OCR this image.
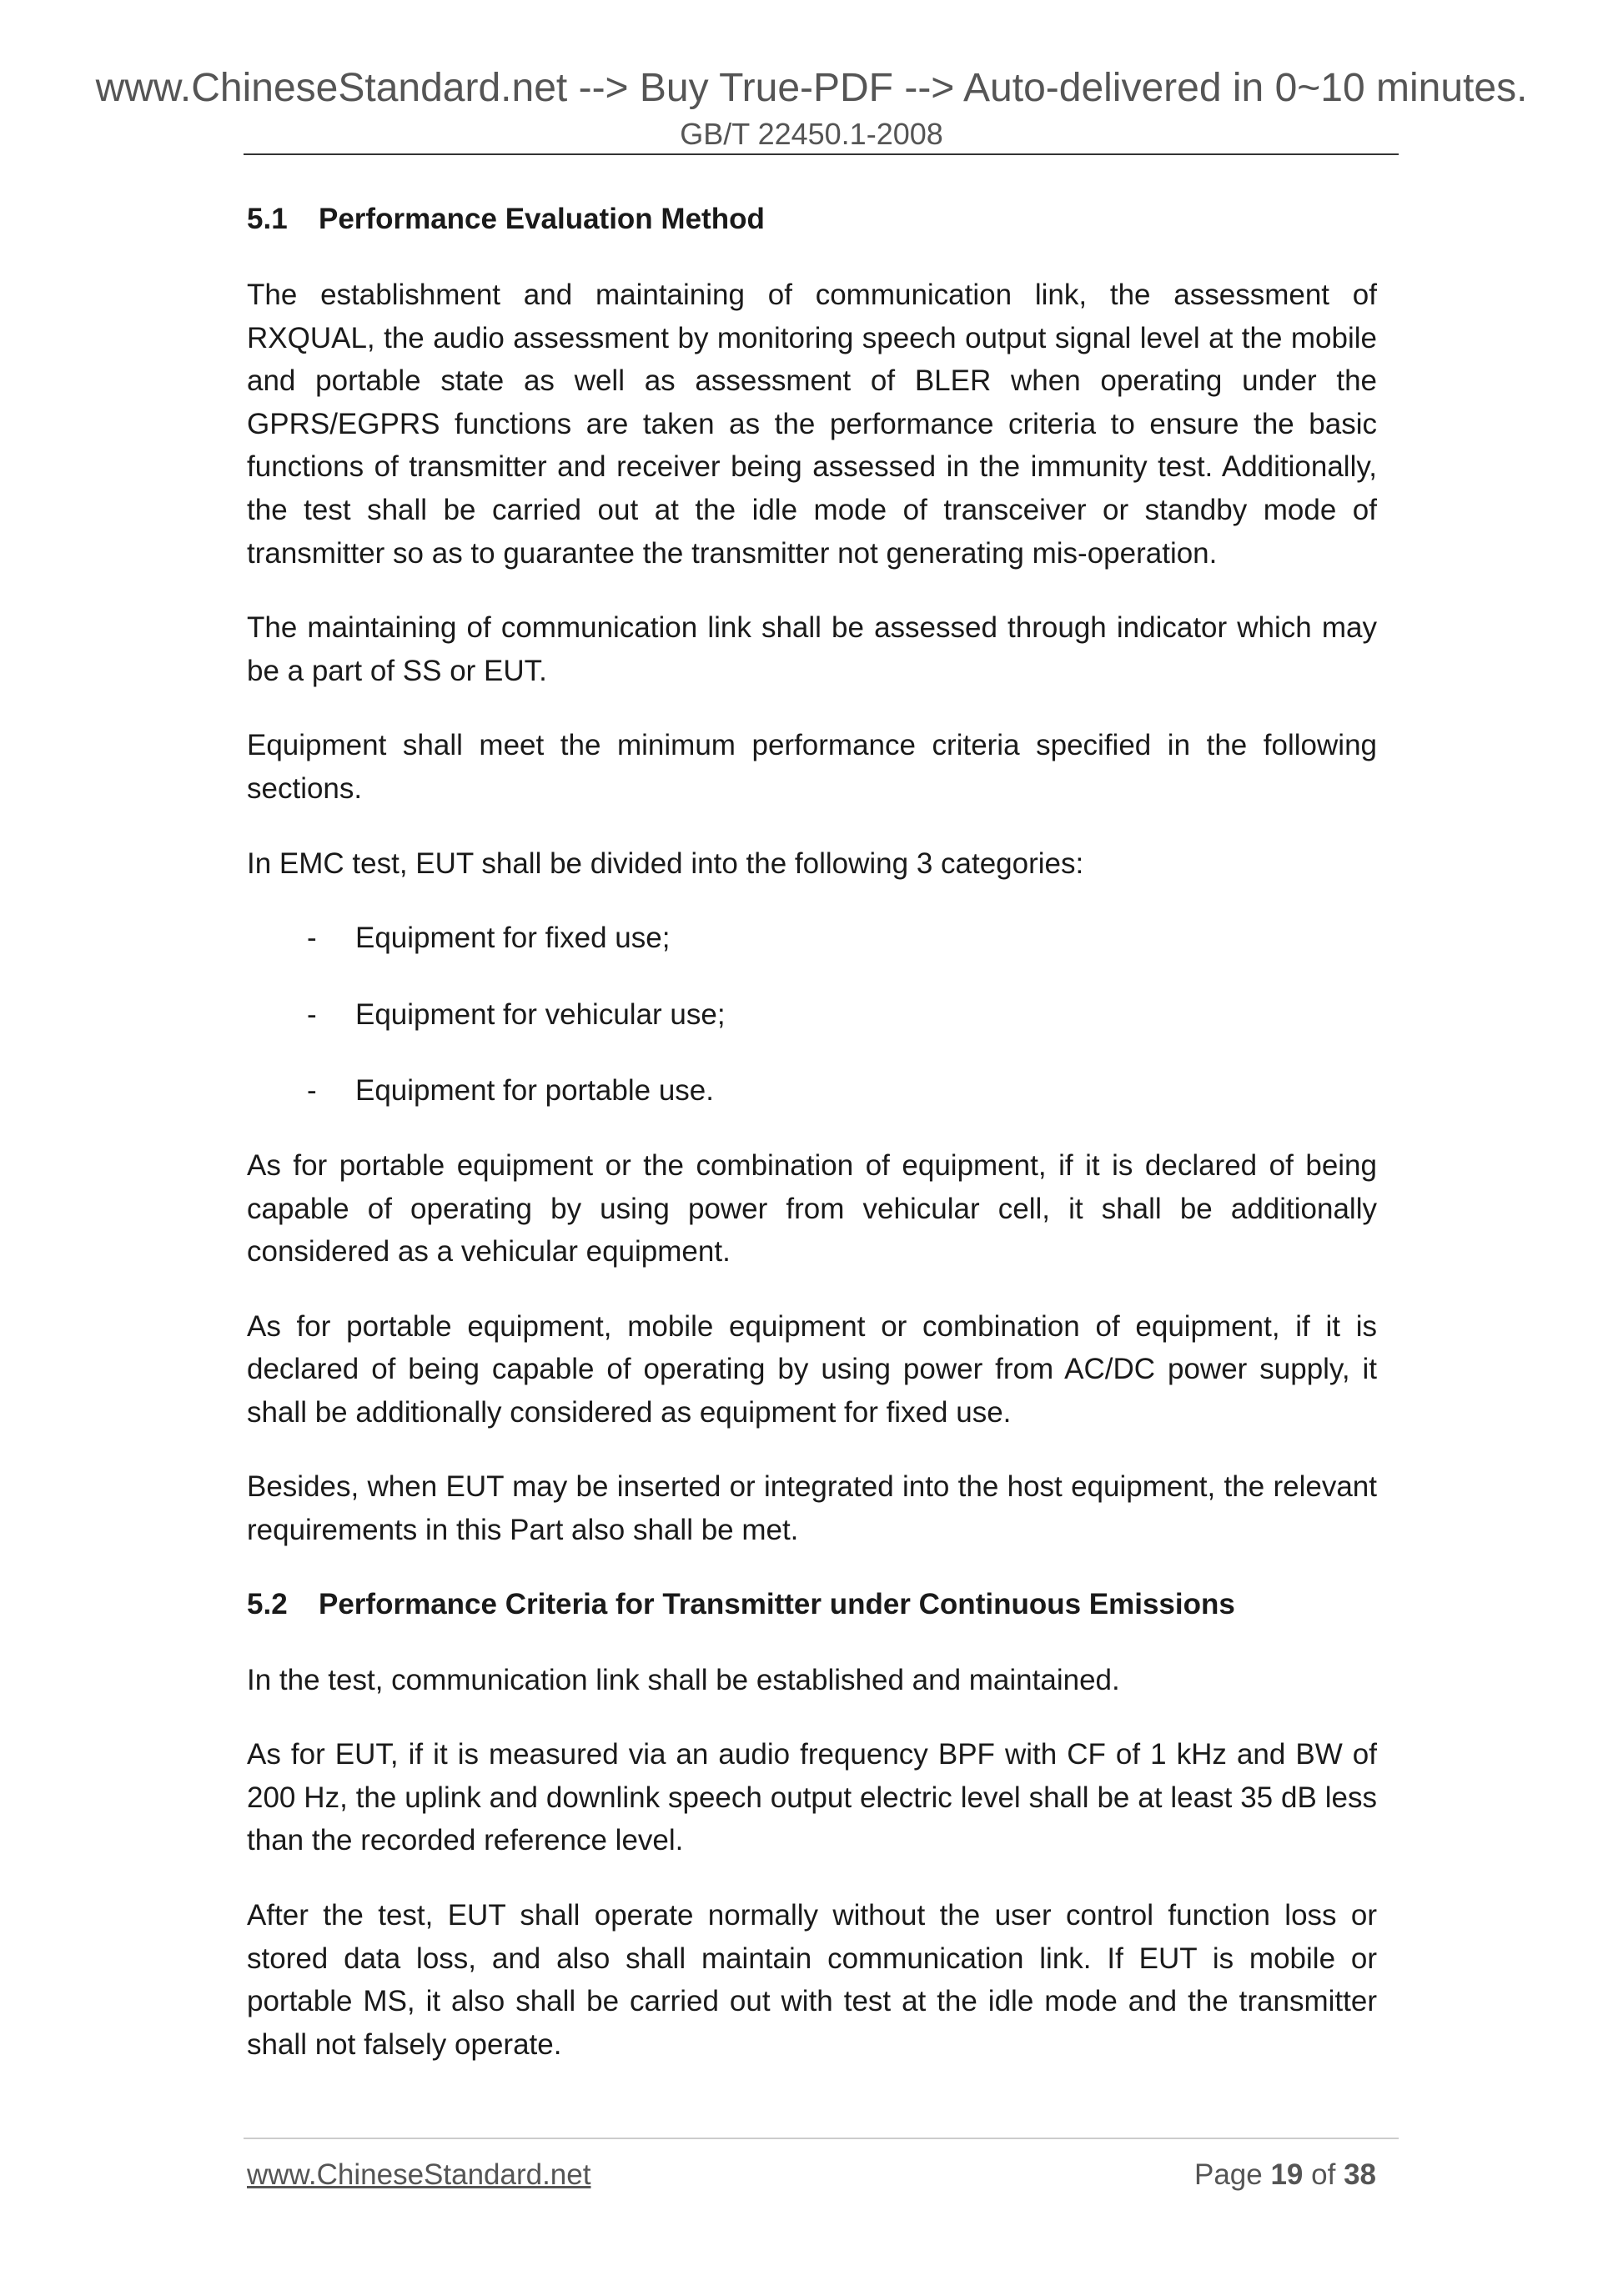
www.ChineseStandard.net --> Buy True-PDF --> Auto-delivered in 0~10 minutes.
GB/T 22450.1-2008
5.1 Performance Evaluation Method

The establishment and maintaining of communication link, the assessment of RXQUAL, the audio assessment by monitoring speech output signal level at the mobile and portable state as well as assessment of BLER when operating under the GPRS/EGPRS functions are taken as the performance criteria to ensure the basic functions of transmitter and receiver being assessed in the immunity test. Additionally, the test shall be carried out at the idle mode of transceiver or standby mode of transmitter so as to guarantee the transmitter not generating mis-operation.

The maintaining of communication link shall be assessed through indicator which may be a part of SS or EUT.

Equipment shall meet the minimum performance criteria specified in the following sections.

In EMC test, EUT shall be divided into the following 3 categories:

- Equipment for fixed use;
- Equipment for vehicular use;
- Equipment for portable use.

As for portable equipment or the combination of equipment, if it is declared of being capable of operating by using power from vehicular cell, it shall be additionally considered as a vehicular equipment.

As for portable equipment, mobile equipment or combination of equipment, if it is declared of being capable of operating by using power from AC/DC power supply, it shall be additionally considered as equipment for fixed use.

Besides, when EUT may be inserted or integrated into the host equipment, the relevant requirements in this Part also shall be met.

5.2 Performance Criteria for Transmitter under Continuous Emissions

In the test, communication link shall be established and maintained.

As for EUT, if it is measured via an audio frequency BPF with CF of 1 kHz and BW of 200 Hz, the uplink and downlink speech output electric level shall be at least 35 dB less than the recorded reference level.

After the test, EUT shall operate normally without the user control function loss or stored data loss, and also shall maintain communication link. If EUT is mobile or portable MS, it also shall be carried out with test at the idle mode and the transmitter shall not falsely operate.

www.ChineseStandard.net	Page 19 of 38
